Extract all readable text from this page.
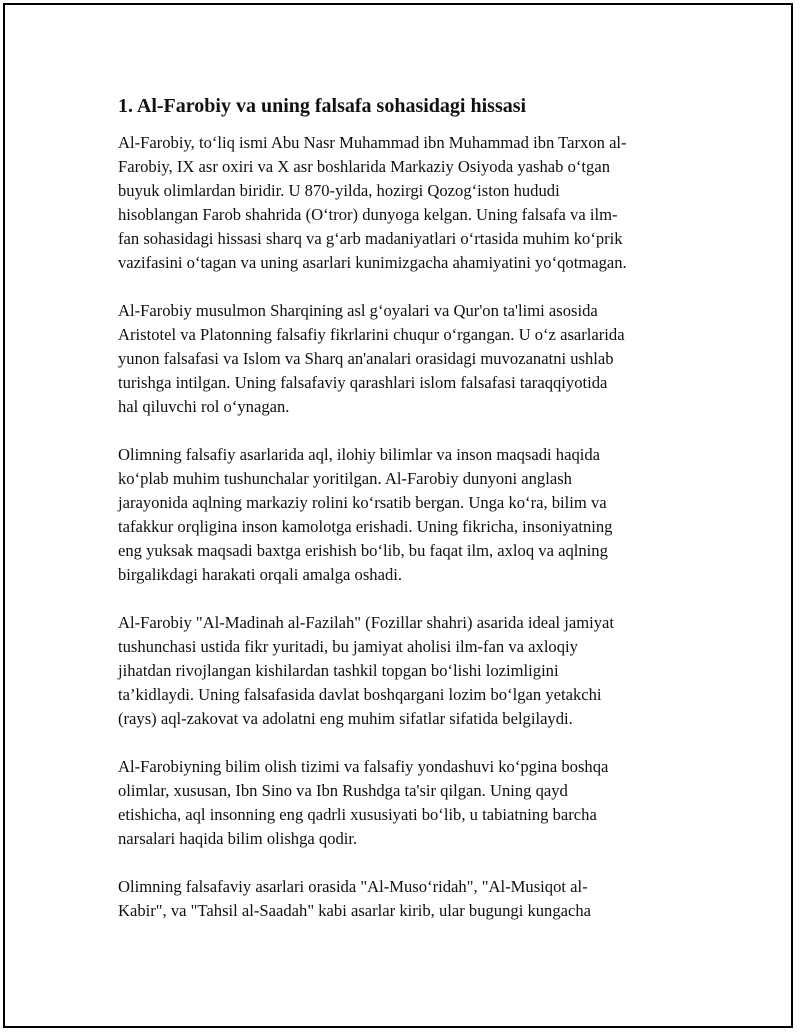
1. Al-Farobiy va uning falsafa sohasidagi hissasi

Al-Farobiy, to‘liq ismi Abu Nasr Muhammad ibn Muhammad ibn Tarxon al-
Farobiy, IX asr oxiri va X asr boshlarida Markaziy Osiyoda yashab o‘tgan
buyuk olimlardan biridir. U 870-yilda, hozirgi Qozog‘iston hududi
hisoblangan Farob shahrida (O‘tror) dunyoga kelgan. Uning falsafa va ilm-
fan sohasidagi hissasi sharq va g‘arb madaniyatlari o‘rtasida muhim ko‘prik
vazifasini o‘tagan va uning asarlari kunimizgacha ahamiyatini yo‘qotmagan.

Al-Farobiy musulmon Sharqining asl g‘oyalari va Qur'on ta'limi asosida
Aristotel va Platonning falsafiy fikrlarini chuqur o‘rgangan. U o‘z asarlarida
yunon falsafasi va Islom va Sharq an'analari orasidagi muvozanatni ushlab
turishga intilgan. Uning falsafaviy qarashlari islom falsafasi taraqqiyotida
hal qiluvchi rol o‘ynagan.

Olimning falsafiy asarlarida aql, ilohiy bilimlar va inson maqsadi haqida
ko‘plab muhim tushunchalar yoritilgan. Al-Farobiy dunyoni anglash
jarayonida aqlning markaziy rolini ko‘rsatib bergan. Unga ko‘ra, bilim va
tafakkur orqligina inson kamolotga erishadi. Uning fikricha, insoniyatning
eng yuksak maqsadi baxtga erishish bo‘lib, bu faqat ilm, axloq va aqlning
birgalikdagi harakati orqali amalga oshadi.

Al-Farobiy "Al-Madinah al-Fazilah" (Fozillar shahri) asarida ideal jamiyat
tushunchasi ustida fikr yuritadi, bu jamiyat aholisi ilm-fan va axloqiy
jihatdan rivojlangan kishilardan tashkil topgan bo‘lishi lozimligini
ta’kidlaydi. Uning falsafasida davlat boshqargani lozim bo‘lgan yetakchi
(rays) aql-zakovat va adolatni eng muhim sifatlar sifatida belgilaydi.

Al-Farobiyning bilim olish tizimi va falsafiy yondashuvi ko‘pgina boshqa
olimlar, xususan, Ibn Sino va Ibn Rushdga ta'sir qilgan. Uning qayd
etishicha, aql insonning eng qadrli xususiyati bo‘lib, u tabiatning barcha
narsalari haqida bilim olishga qodir.

Olimning falsafaviy asarlari orasida "Al-Muso‘ridah", "Al-Musiqot al-
Kabir", va "Tahsil al-Saadah" kabi asarlar kirib, ular bugungi kungacha
